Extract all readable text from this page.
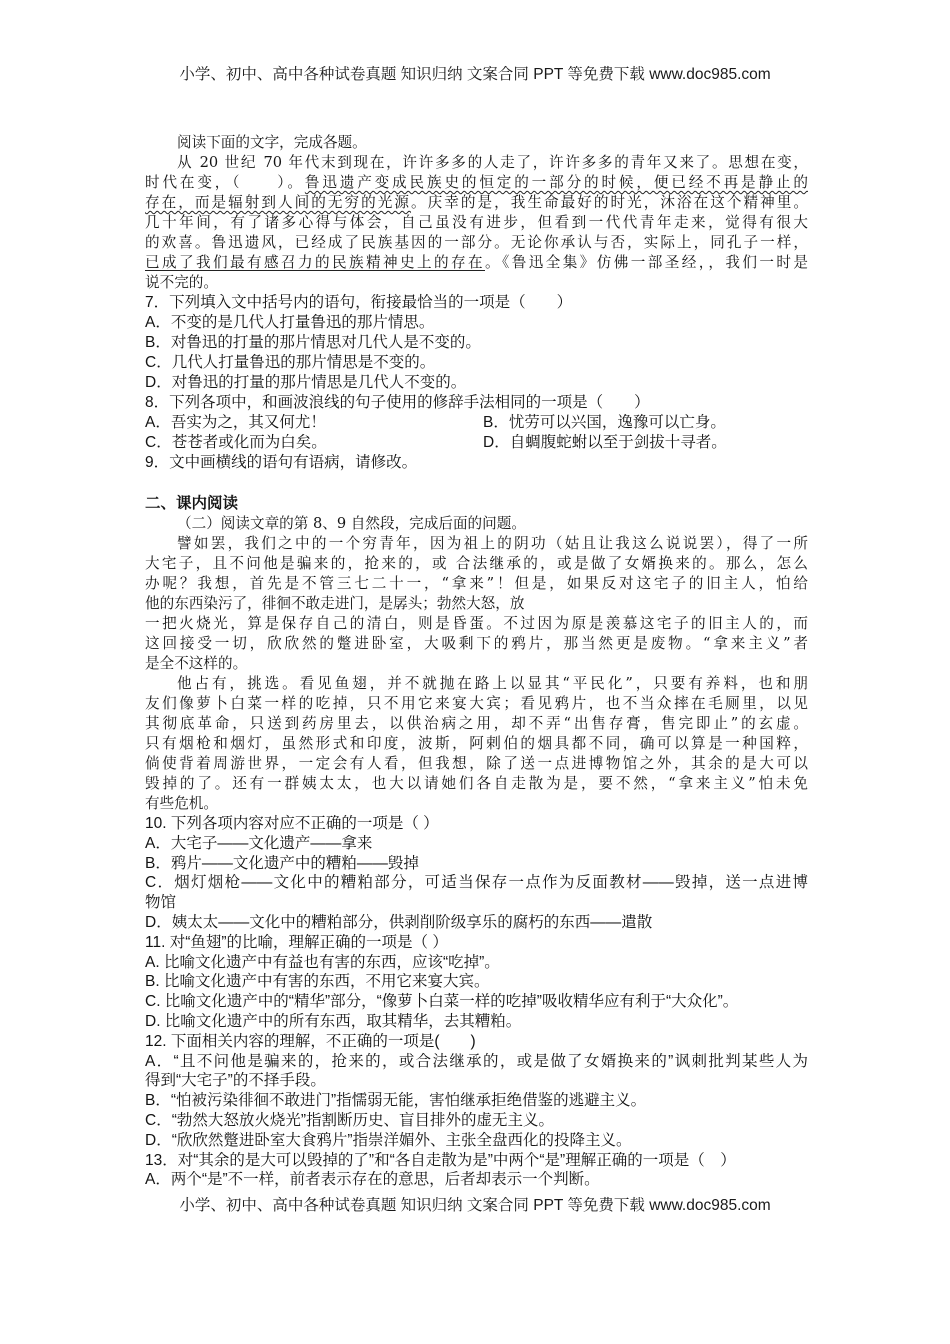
小学、初中、高中各种试卷真题 知识归纳 文案合同 PPT 等免费下载 www.doc985.com
阅读下面的文字，完成各题。
从 20 世纪 70 年代末到现在，许许多多的人走了，许许多多的青年又来了。思想在变，
时代在变，（　　）。鲁迅遗产变成民族史的恒定的一部分的时候，便已经不再是静止的
存在，而是辐射到人间的无穷的光源。庆幸的是，我生命最好的时光，沐浴在这个精神里。
几十年间，有了诸多心得与体会，自己虽没有进步，但看到一代代青年走来，觉得有很大
的欢喜。鲁迅遗风，已经成了民族基因的一部分。无论你承认与否，实际上，同孔子一样，
已成了我们最有感召力的民族精神史上的存在。《鲁迅全集》仿佛一部圣经，，我们一时是
说不完的。
7．下列填入文中括号内的语句，衔接最恰当的一项是（　　）
A．不变的是几代人打量鲁迅的那片情思。
B．对鲁迅的打量的那片情思对几代人是不变的。
C．几代人打量鲁迅的那片情思是不变的。
D．对鲁迅的打量的那片情思是几代人不变的。
8．下列各项中，和画波浪线的句子使用的修辞手法相同的一项是（　　）
A．吾实为之，其又何尤！	B．忧劳可以兴国，逸豫可以亡身。
C．苍苍者或化而为白矣。	D．自蜩腹蛇蚹以至于剑拔十寻者。
9．文中画横线的语句有语病，请修改。
二、课内阅读
（二）阅读文章的第 8、9 自然段，完成后面的问题。
譬如罢，我们之中的一个穷青年，因为祖上的阴功（姑且让我这么说说罢），得了一所
大宅子，且不问他是骗来的，抢来的，或 合法继承的，或是做了女婿换来的。那么，怎么
办呢？我想，首先是不管三七二十一，“拿来”！但是，如果反对这宅子的旧主人，怕给
他的东西染污了，徘徊不敢走进门，是孱头；勃然大怒，放
一把火烧光，算是保存自己的清白，则是昏蛋。不过因为原是羡慕这宅子的旧主人的，而
这回接受一切，欣欣然的蹩进卧室，大吸剩下的鸦片，那当然更是废物。“拿来主义”者
是全不这样的。
他占有，挑选。看见鱼翅，并不就抛在路上以显其“平民化”，只要有养料，也和朋
友们像萝卜白菜一样的吃掉，只不用它来宴大宾；看见鸦片，也不当众摔在毛厕里，以见
其彻底革命，只送到药房里去，以供治病之用，却不弄“出售存膏，售完即止”的玄虚。
只有烟枪和烟灯，虽然形式和印度，波斯，阿剌伯的烟具都不同，确可以算是一种国粹，
倘使背着周游世界，一定会有人看，但我想，除了送一点进博物馆之外，其余的是大可以
毁掉的了。还有一群姨太太，也大以请她们各自走散为是，要不然，“拿来主义”怕未免
有些危机。
10. 下列各项内容对应不正确的一项是（ ）
A．大宅子——文化遗产——拿来
B．鸦片——文化遗产中的糟粕——毁掉
C．烟灯烟枪——文化中的糟粕部分，可适当保存一点作为反面教材——毁掉，送一点进博
物馆
D．姨太太——文化中的糟粕部分，供剥削阶级享乐的腐朽的东西——遣散
11. 对“鱼翅”的比喻，理解正确的一项是（ ）
A. 比喻文化遗产中有益也有害的东西，应该“吃掉”。
B. 比喻文化遗产中有害的东西，不用它来宴大宾。
C. 比喻文化遗产中的“精华”部分，“像萝卜白菜一样的吃掉”吸收精华应有利于“大众化”。
D. 比喻文化遗产中的所有东西，取其精华，去其糟粕。
12. 下面相关内容的理解，不正确的一项是(　　)
A．“且不问他是骗来的，抢来的，或合法继承的，或是做了女婿换来的”讽刺批判某些人为
得到“大宅子”的不择手段。
B．“怕被污染徘徊不敢进门”指懦弱无能，害怕继承拒绝借鉴的逃避主义。
C．“勃然大怒放火烧光”指割断历史、盲目排外的虚无主义。
D．“欣欣然蹩进卧室大食鸦片”指崇洋媚外、主张全盘西化的投降主义。
13．对“其余的是大可以毁掉的了”和“各自走散为是”中两个“是”理解正确的一项是（　）
A．两个“是”不一样，前者表示存在的意思，后者却表示一个判断。
小学、初中、高中各种试卷真题 知识归纳 文案合同 PPT 等免费下载 www.doc985.com
